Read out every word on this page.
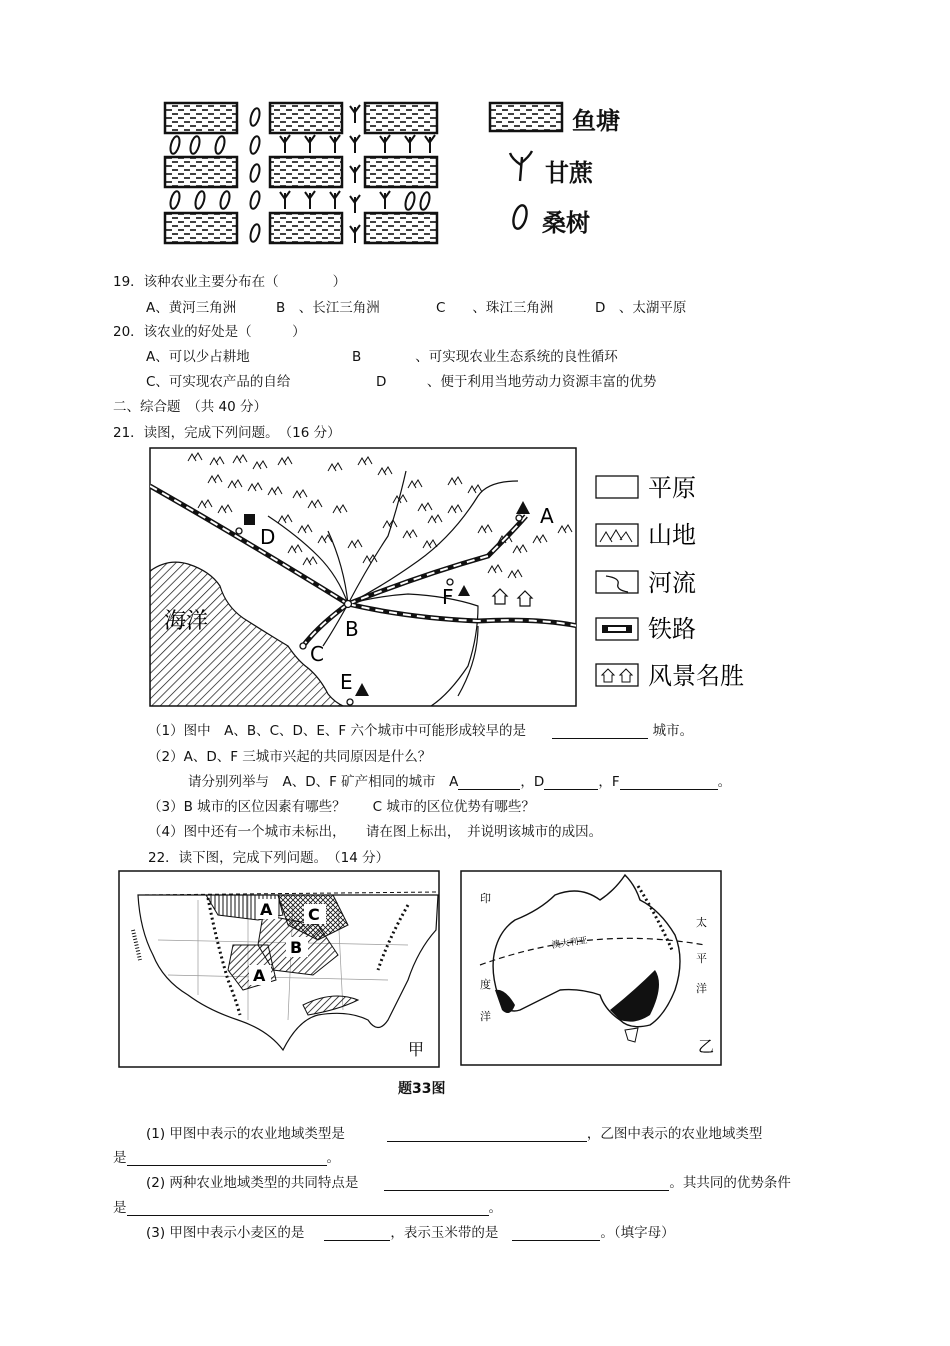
鱼塘
甘蔗
桑树
19．该种农业主要分布在（　　　　）
A、黄河三角洲	B　、长江三角洲	C　　、珠江三角洲	D　、太湖平原
20．该农业的好处是（　　　）
A、可以少占耕地	B　　　　、可实现农业生态系统的良性循环
C、可实现农产品的自给	D　　　、便于利用当地劳动力资源丰富的优势
二、综合题　（共 40 分）
21．读图，完成下列问题。　（16 分）
A
B
C
D
E
F
海洋
平原
山地
河流
铁路
风景名胜
（1）图中　A、B、C、D、E、F 六个城市中可能形成较早的是	城市。
（2）A、D、F 三城市兴起的共同原因是什么？
请分别列举与　A、D、F 矿产相同的城市　A	，D	，F	。
（3）B 城市的区位因素有哪些？　　C 城市的区位优势有哪些？
（4）图中还有一个城市未标出，　　请在图上标出，　并说明该城市的成因。
22．读下图，完成下列问题。　（14 分）
A C
B
A
甲
澳大利亚
印
度
洋
太
平
洋
乙
题33图
(1) 甲图中表示的农业地域类型是	，乙图中表示的农业地域类型
是	。
(2) 两种农业地域类型的共同特点是	。其共同的优势条件
是	。
(3) 甲图中表示小麦区的是	，表示玉米带的是	。（填字母）
